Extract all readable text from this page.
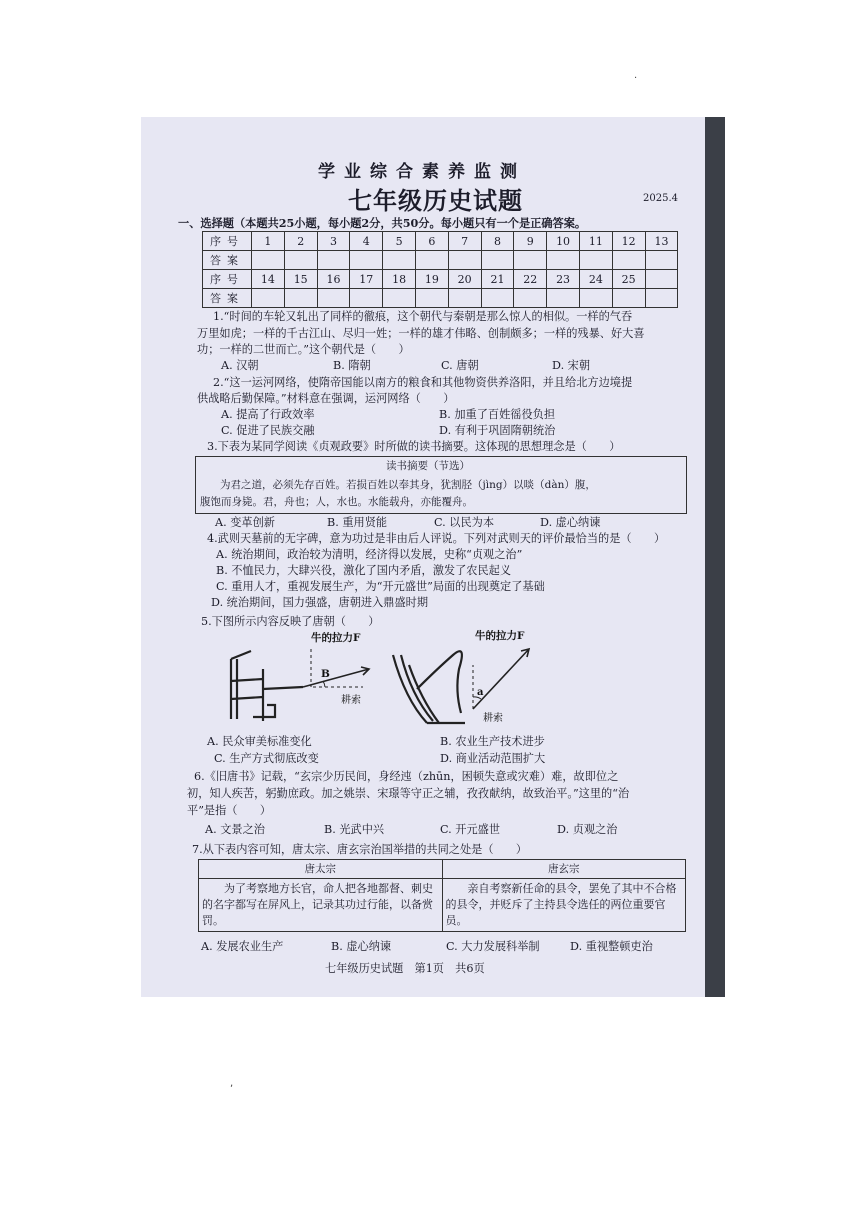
.
学业综合素养监测
七年级历史试题	2025.4
一、选择题（本题共25小题，每小题2分，共50分。每小题只有一个是正确答案。
序号	1	2	3	4	5	6	7	8	9	10	11	12	13
答案													
序号	14	15	16	17	18	19	20	21	22	23	24	25	
答案													
1.“时间的车轮又轧出了同样的徹痕，这个朝代与秦朝是那么惊人的相似。一样的气吞
万里如虎；一样的千古江山、尽归一姓；一样的雄才伟略、创制颇多；一样的残暴、好大喜
功；一样的二世而亡。”这个朝代是（　　）
A. 汉朝	B. 隋朝	C. 唐朝	D. 宋朝
2.“这一运河网络，使隋帝国能以南方的粮食和其他物资供养洛阳，并且给北方边境提
供战略后勤保障。”材料意在强调，运河网络（　　）
A. 提高了行政效率	B. 加重了百姓徭役负担
C. 促进了民族交融	D. 有利于巩固隋朝统治
3.下表为某同学阅读《贞观政要》时所做的读书摘要。这体现的思想理念是（　　）
读书摘要（节选）
为君之道，必须先存百姓。若损百姓以奉其身，犹割胫（jìng）以啖（dàn）腹，
腹饱而身毙。君，舟也；人，水也。水能载舟，亦能覆舟。
A. 变革创新	B. 重用贤能	C. 以民为本	D. 虚心纳谏
4.武则天墓前的无字碑，意为功过是非由后人评说。下列对武则天的评价最恰当的是（　　）
A. 统治期间，政治较为清明，经济得以发展，史称“贞观之治”
B. 不恤民力，大肆兴役，激化了国内矛盾，激发了农民起义
C. 重用人才，重视发展生产，为“开元盛世”局面的出现奠定了基础
D. 统治期间，国力强盛，唐朝进入鼎盛时期
5.下图所示内容反映了唐朝（　　）
牛的拉力F
B
耕索
牛的拉力F
a
耕索
A. 民众审美标准变化	B. 农业生产技术进步
C. 生产方式彻底改变	D. 商业活动范围扩大
6.《旧唐书》记载，“玄宗少历民间，身经迍（zhūn，困顿失意或灾难）难，故即位之
初，知人疾苦，躬勤庶政。加之姚崇、宋璟等守正之辅，孜孜献纳，故致治平。”这里的“治
平”是指（　　）
A. 文景之治	B. 光武中兴	C. 开元盛世	D. 贞观之治
7.从下表内容可知，唐太宗、唐玄宗治国举措的共同之处是（　　）
唐太宗	唐玄宗
　　为了考察地方长官，命人把各地都督、刺史的名字都写在屏风上，记录其功过行能，以备赏罚。	　　亲自考察新任命的县令，罢免了其中不合格的县令，并贬斥了主持县令选任的两位重要官员。
A. 发展农业生产	B. 虚心纳谏	C. 大力发展科举制	D. 重视整顿吏治
七年级历史试题　第1页　共6页
,
